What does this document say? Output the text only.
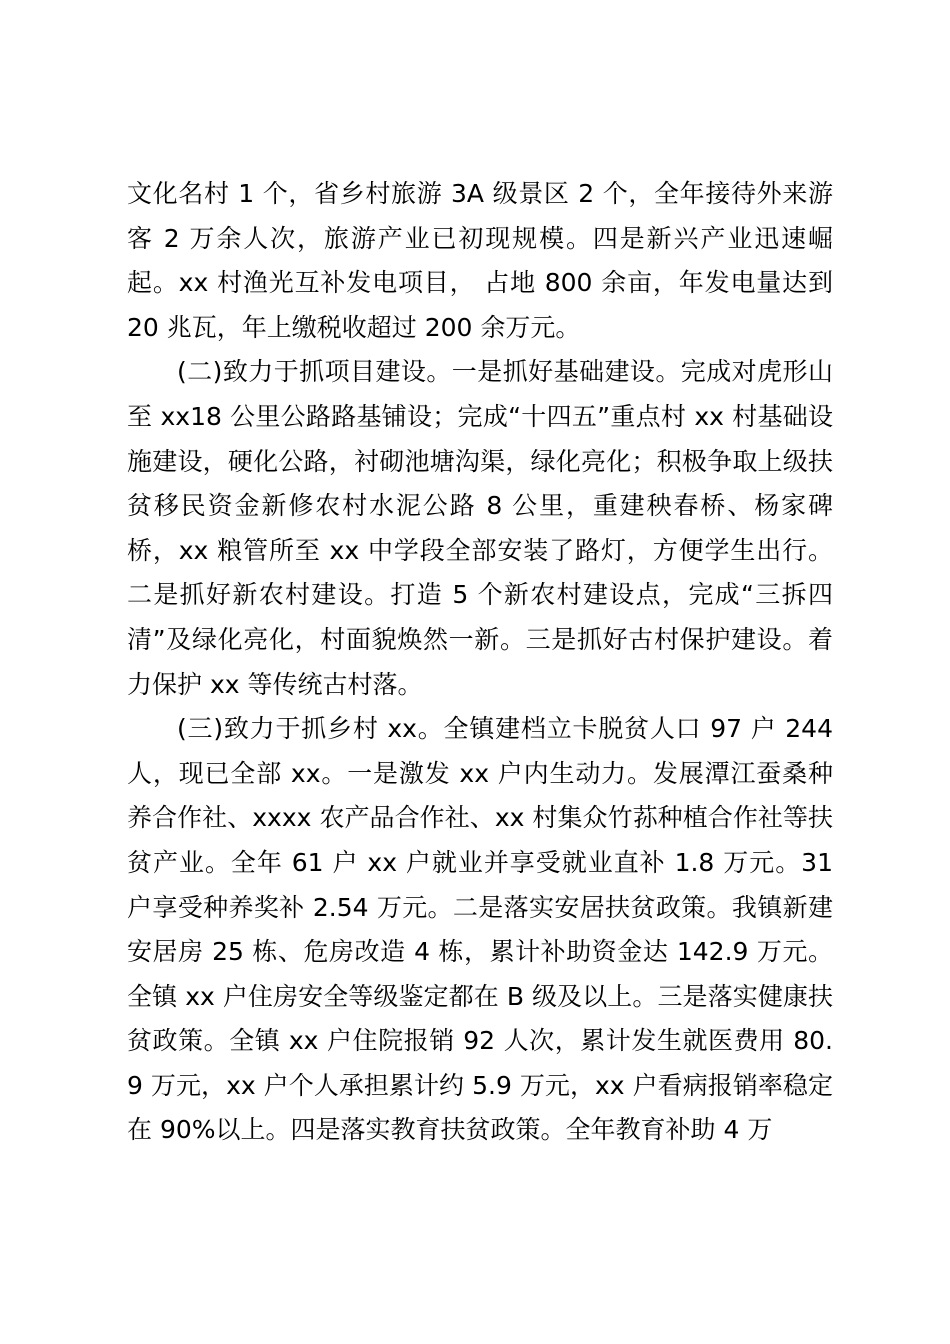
文化名村 1 个，省乡村旅游 3A 级景区 2 个，全年接待外来游客 2 万余人次，旅游产业已初现规模。四是新兴产业迅速崛起。xx 村渔光互补发电项目， 占地 800 余亩，年发电量达到 20 兆瓦，年上缴税收超过 200 余万元。

(二)致力于抓项目建设。一是抓好基础建设。完成对虎形山至 xx18 公里公路路基铺设；完成“十四五”重点村 xx 村基础设施建设，硬化公路，衬砌池塘沟渠，绿化亮化；积极争取上级扶贫移民资金新修农村水泥公路 8 公里，重建秧春桥、杨家碑桥，xx 粮管所至 xx 中学段全部安装了路灯，方便学生出行。二是抓好新农村建设。打造 5 个新农村建设点，完成“三拆四清”及绿化亮化，村面貌焕然一新。三是抓好古村保护建设。着力保护 xx 等传统古村落。

(三)致力于抓乡村 xx。全镇建档立卡脱贫人口 97 户 244 人，现已全部 xx。一是激发 xx 户内生动力。发展潭江蚕桑种养合作社、xxxx 农产品合作社、xx 村集众竹荪种植合作社等扶贫产业。全年 61 户 xx 户就业并享受就业直补 1.8 万元。31 户享受种养奖补 2.54 万元。二是落实安居扶贫政策。我镇新建安居房 25 栋、危房改造 4 栋，累计补助资金达 142.9 万元。全镇 xx 户住房安全等级鉴定都在 B 级及以上。三是落实健康扶贫政策。全镇 xx 户住院报销 92 人次，累计发生就医费用 80.9 万元，xx 户个人承担累计约 5.9 万元，xx 户看病报销率稳定在 90%以上。四是落实教育扶贫政策。全年教育补助 4 万
